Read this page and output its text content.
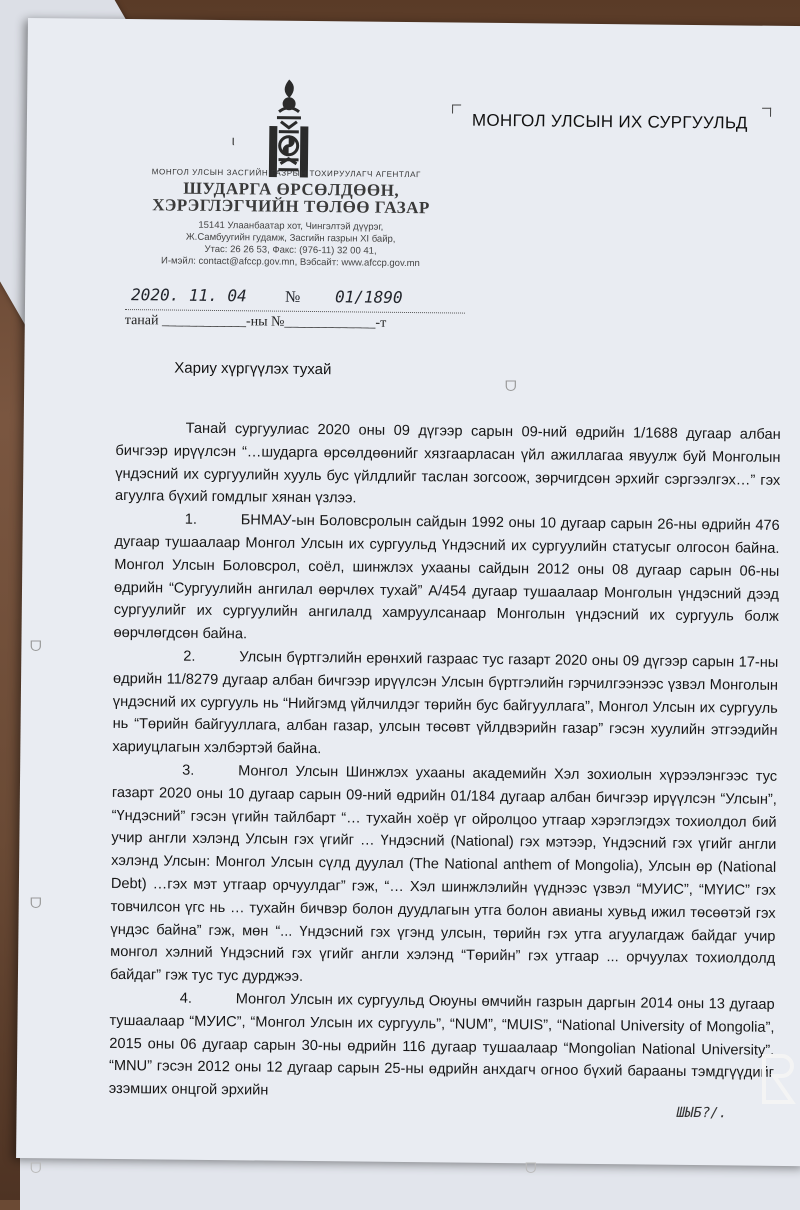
ι
МОНГОЛ УЛСЫН ЗАСГИЙН ГАЗРЫН ТОХИРУУЛАГЧ АГЕНТЛАГ
ШУДАРГА ӨРСӨЛДӨӨН,
ХЭРЭГЛЭГЧИЙН ТӨЛӨӨ ГАЗАР
15141 Улаанбаатар хот, Чингэлтэй дүүрэг,
Ж.Самбуугийн гудамж, Засгийн газрын XI байр,
Утас: 26 26 53, Факс: (976-11) 32 00 41,
И-мэйл: contact@afccp.gov.mn, Вэбсайт: www.afccp.gov.mn
МОНГОЛ УЛСЫН ИХ СУРГУУЛЬД
2020. 11. 04 № 01/1890
танай ____________-ны №_____________-т
Хариу хүргүүлэх тухай

Танай сургуулиас 2020 оны 09 дүгээр сарын 09-ний өдрийн 1/1688 дугаар албан бичгээр ирүүлсэн “…шударга өрсөлдөөнийг хязгаарласан үйл ажиллагаа явуулж буй Монголын үндэсний их сургуулийн хууль бус үйлдлийг таслан зогсоож, зөрчигдсөн эрхийг сэргээлгэх…” гэх агуулга бүхий гомдлыг хянан үзлээ.

1.	БНМАУ-ын Боловсролын сайдын 1992 оны 10 дугаар сарын 26-ны өдрийн 476 дугаар тушаалаар Монгол Улсын их сургуульд Үндэсний их сургуулийн статусыг олгосон байна. Монгол Улсын Боловсрол, соёл, шинжлэх ухааны сайдын 2012 оны 08 дугаар сарын 06-ны өдрийн “Сургуулийн ангилал өөрчлөх тухай” А/454 дугаар тушаалаар Монголын үндэсний дээд сургуулийг их сургуулийн ангилалд хамруулсанаар Монголын үндэсний их сургууль болж өөрчлөгдсөн байна.

2.	Улсын бүртгэлийн ерөнхий газраас тус газарт 2020 оны 09 дүгээр сарын 17-ны өдрийн 11/8279 дугаар албан бичгээр ирүүлсэн Улсын бүртгэлийн гэрчилгээнээс үзвэл Монголын үндэсний их сургууль нь “Нийгэмд үйлчилдэг төрийн бус байгууллага”, Монгол Улсын их сургууль нь “Төрийн байгууллага, албан газар, улсын төсөвт үйлдвэрийн газар” гэсэн хуулийн этгээдийн хариуцлагын хэлбэртэй байна.

3.	Монгол Улсын Шинжлэх ухааны академийн Хэл зохиолын хүрээлэнгээс тус газарт 2020 оны 10 дугаар сарын 09-ний өдрийн 01/184 дугаар албан бичгээр ирүүлсэн “Улсын”, “Үндэсний” гэсэн үгийн тайлбарт “… тухайн хоёр үг ойролцоо утгаар хэрэглэгдэх тохиолдол бий учир англи хэлэнд Улсын гэх үгийг … Үндэсний (National) гэх мэтээр, Үндэсний гэх үгийг англи хэлэнд Улсын: Монгол Улсын сүлд дуулал (The National anthem of Mongolia), Улсын өр (National Debt) …гэх мэт утгаар орчуулдаг” гэж, “… Хэл шинжлэлийн үүднээс үзвэл “МУИС”, “МҮИС” гэх товчилсон үгс нь … тухайн бичвэр болон дуудлагын утга болон авианы хувьд ижил төсөөтэй гэх үндэс байна” гэж, мөн “... Үндэсний гэх үгэнд улсын, төрийн гэх утга агуулагдаж байдаг учир монгол хэлний Үндэсний гэх үгийг англи хэлэнд “Төрийн” гэх утгаар ... орчуулах тохиолдолд байдаг” гэж тус тус дурджээ.

4.	Монгол Улсын их сургуульд Оюуны өмчийн газрын даргын 2014 оны 13 дугаар тушаалаар “МУИС”, “Монгол Улсын их сургууль”, “NUM”, “MUIS”, “National University of Mongolia”, 2015 оны 06 дугаар сарын 30-ны өдрийн 116 дугаар тушаалаар “Mongolian National University”, “MNU” гэсэн 2012 оны 12 дугаар сарын 25-ны өдрийн анхдагч огноо бүхий барааны тэмдгүүдийг эзэмших онцгой эрхийн

ШЫБ?/.
ᗜ
ᗜ
ᗜ
ᗜ	ᗜ
